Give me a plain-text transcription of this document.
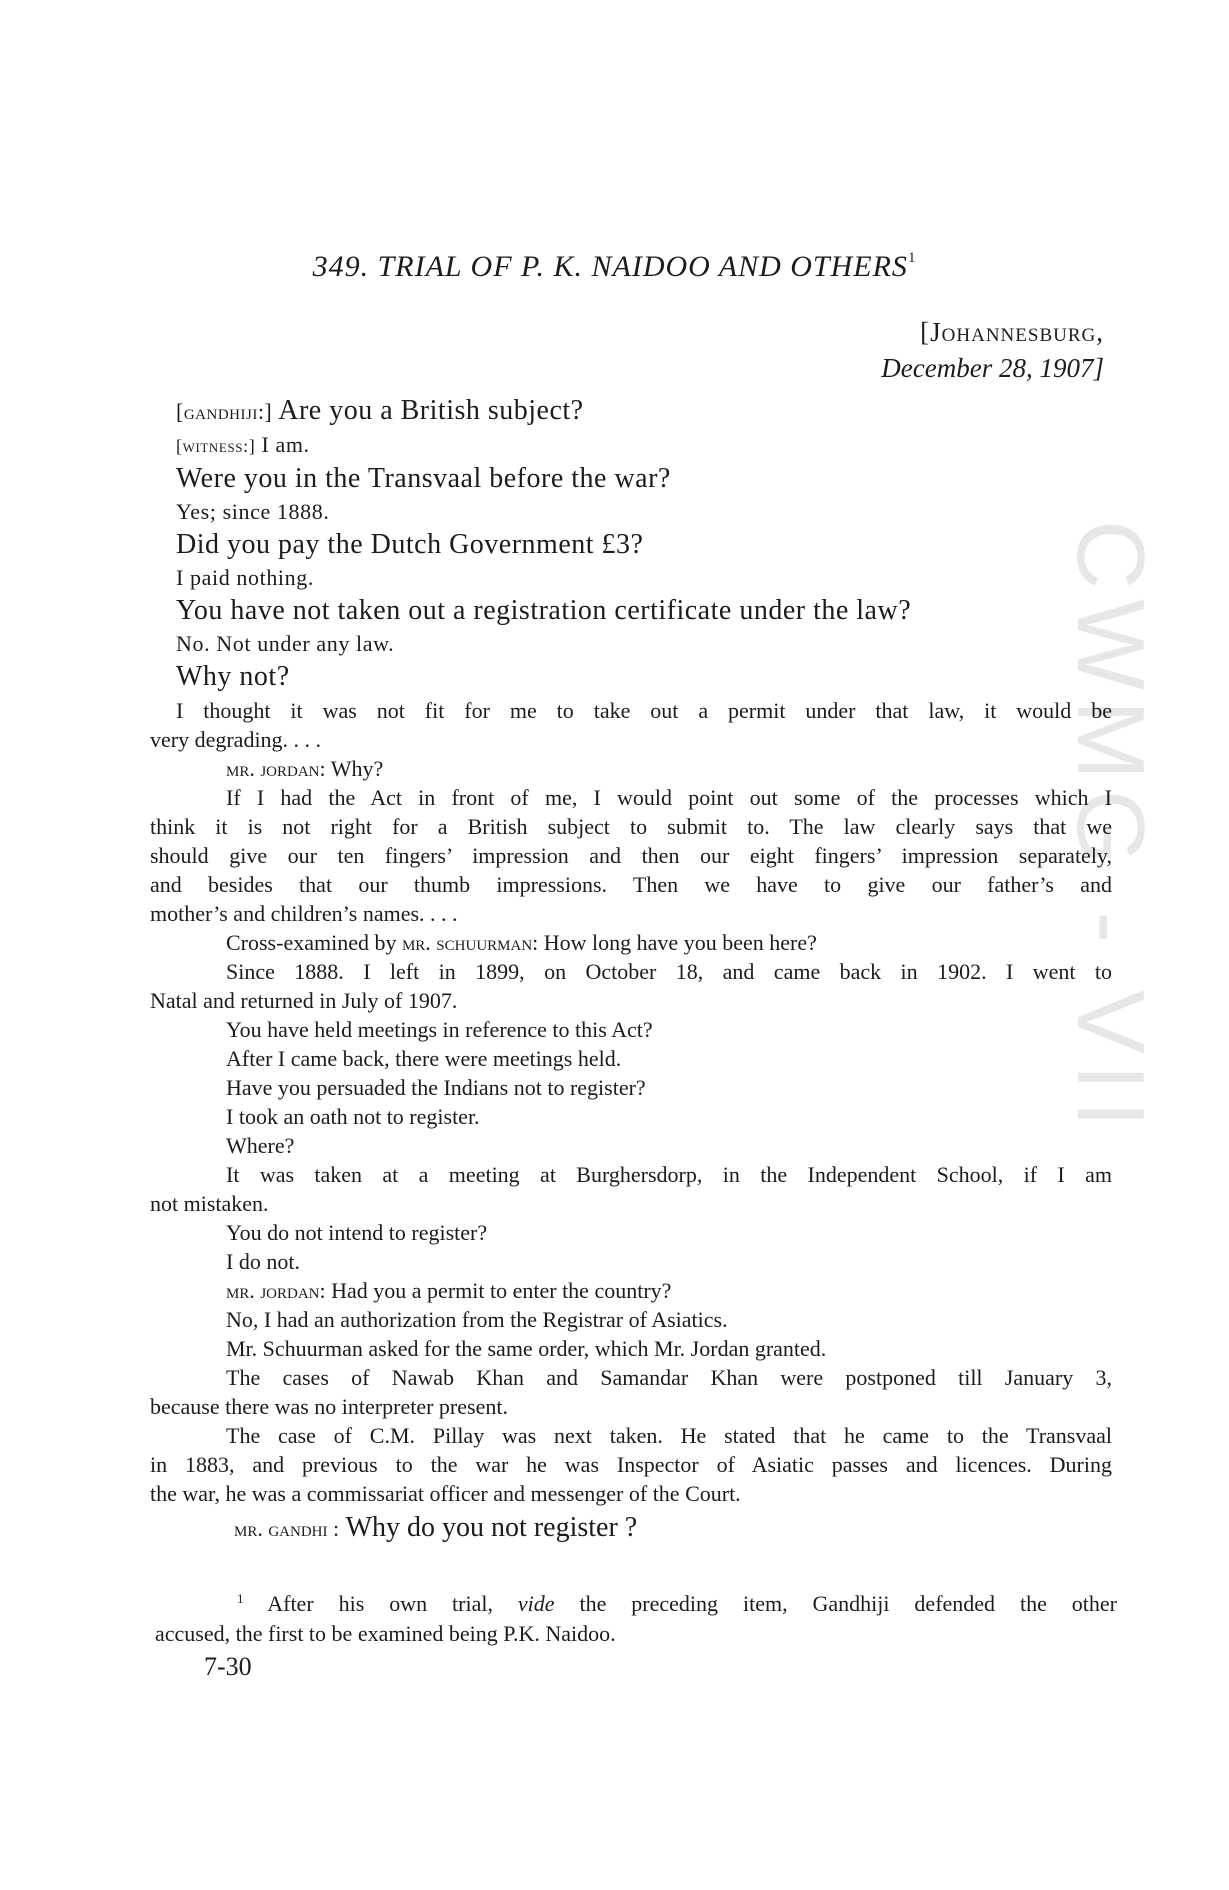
CWMG - VII
349. TRIAL OF P. K. NAIDOO AND OTHERS$^1$
[Johannesburg,
December 28, 1907]
[gandhiji:] Are you a British subject?
[witness:] I am.
Were you in the Transvaal before the war?
Yes; since 1888.
Did you pay the Dutch Government £3?
I paid nothing.
You have not taken out a registration certificate under the law?
No. Not under any law.
Why not?
I thought it was not fit for me to take out a permit under that law, it would be
very degrading. . . .
mr. jordan: Why?
If I had the Act in front of me, I would point out some of the processes which I
think it is not right for a British subject to submit to. The law clearly says that we
should give our ten fingers’ impression and then our eight fingers’ impression separately,
and besides that our thumb impressions. Then we have to give our father’s and
mother’s and children’s names. . . .
Cross-examined by mr. schuurman: How long have you been here?
Since 1888. I left in 1899, on October 18, and came back in 1902. I went to
Natal and returned in July of 1907.
You have held meetings in reference to this Act?
After I came back, there were meetings held.
Have you persuaded the Indians not to register?
I took an oath not to register.
Where?
It was taken at a meeting at Burghersdorp, in the Independent School, if I am
not mistaken.
You do not intend to register?
I do not.
mr. jordan: Had you a permit to enter the country?
No, I had an authorization from the Registrar of Asiatics.
Mr. Schuurman asked for the same order, which Mr. Jordan granted.
The cases of Nawab Khan and Samandar Khan were postponed till January 3,
because there was no interpreter present.
The case of C.M. Pillay was next taken. He stated that he came to the Transvaal
in 1883, and previous to the war he was Inspector of Asiatic passes and licences. During
the war, he was a commissariat officer and messenger of the Court.
mr. gandhi : Why do you not register ?
$^1$ After his own trial, vide the preceding item, Gandhiji defended the other
accused, the first to be examined being P.K. Naidoo.
7-30
